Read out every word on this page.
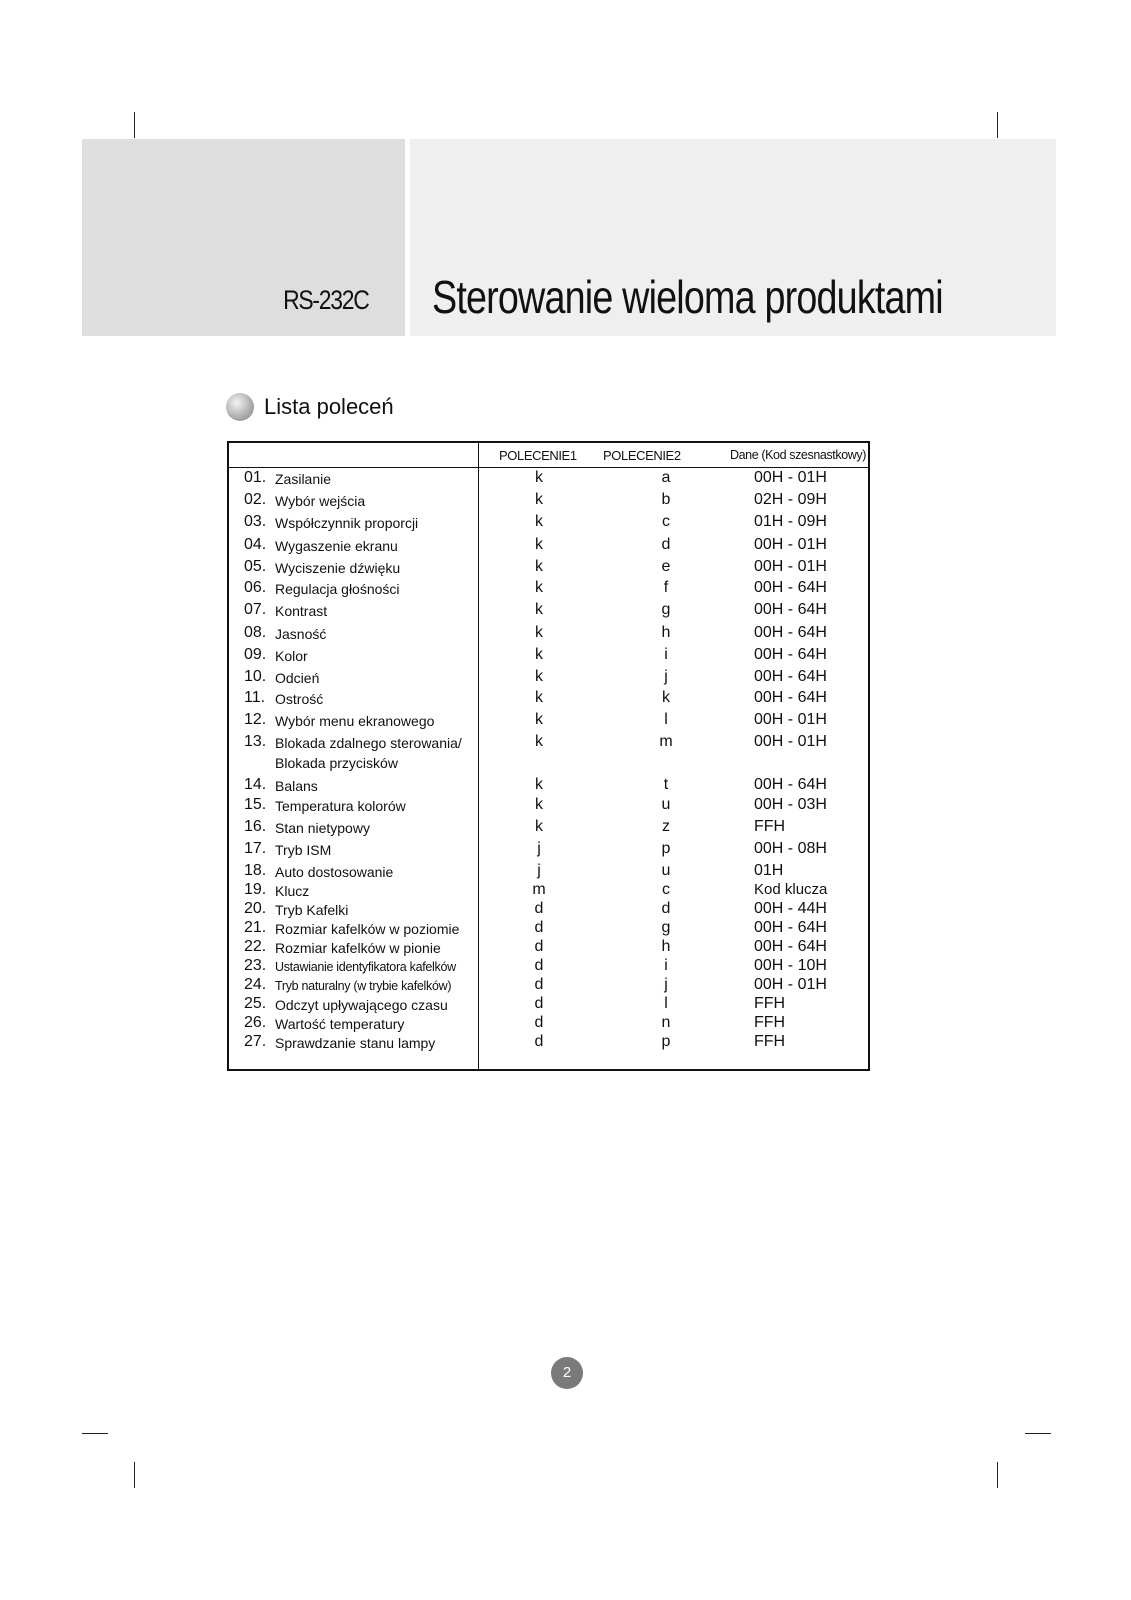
RS-232C Sterowanie wieloma produktami
Lista poleceń
POLECENIE1 POLECENIE2	Dane (Kod szesnastkowy)
01. Zasilanie	k	a	00H - 01H
02. Wybór wejścia	k	b	02H - 09H
03. Współczynnik proporcji	k	c	01H - 09H
04. Wygaszenie ekranu	k	d	00H - 01H
05. Wyciszenie dźwięku	k	e	00H - 01H
06. Regulacja głośności	k	f	00H - 64H
07. Kontrast	k	g	00H - 64H
08. Jasność	k	h	00H - 64H
09. Kolor	k	i	00H - 64H
10. Odcień	k	j	00H - 64H
11. Ostrość	k	k	00H - 64H
12. Wybór menu ekranowego	k	l	00H - 01H
13. Blokada zdalnego sterowania/
Blokada przycisków
k	m	00H - 01H
14. Balans	k	t	00H - 64H
15. Temperatura kolorów	k	u	00H - 03H
16. Stan nietypowy	k	z	FFH
17. Tryb ISM	j	p	00H - 08H
18. Auto dostosowanie	j	u	01H
19. Klucz	m	c	Kod klucza
20. Tryb Kafelki	d	d	00H - 44H
21. Rozmiar kafelków w poziomie	d	g	00H - 64H
22. Rozmiar kafelków w pionie	d	h	00H - 64H
23. Ustawianie identyfikatora kafelków	d	i	00H - 10H
24. Tryb naturalny (w trybie kafelków)	d	j	00H - 01H
25. Odczyt upływającego czasu	d	l	FFH
26. Wartość temperatury	d	n	FFH
27. Sprawdzanie stanu lampy	d	p	FFH
2
